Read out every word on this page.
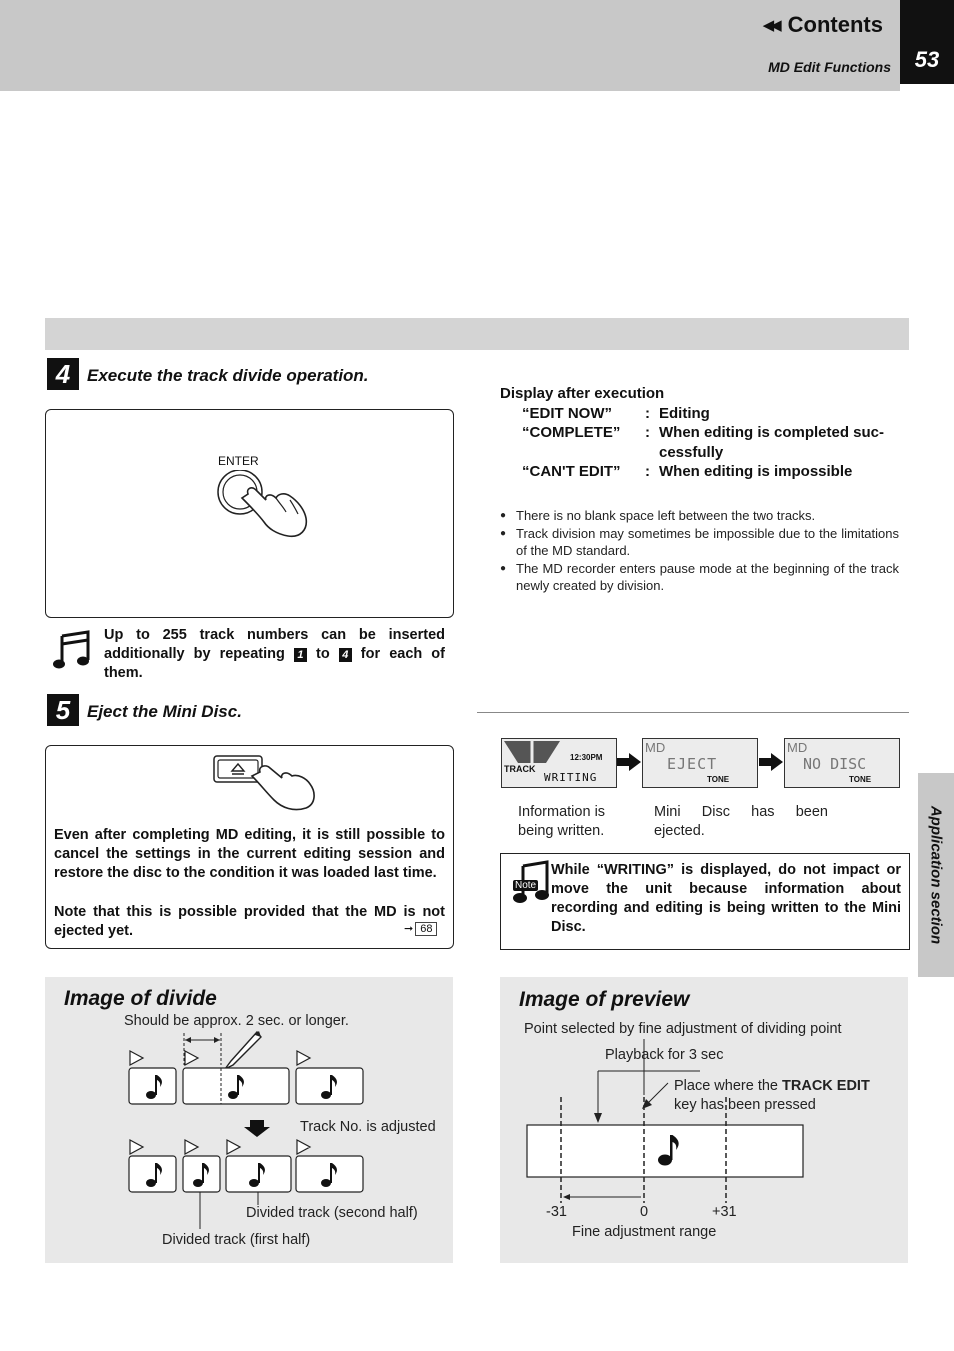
◀◀ Contents
MD Edit Functions	53
4 Execute the track divide operation.
ENTER
Up to 255 track numbers can be inserted additionally by repeating 1 to 4 for each of them.
Display after execution
“EDIT NOW”	: Editing
“COMPLETE”	: When editing is completed suc-cessfully
“CAN'T EDIT”	: When editing is impossible
● There is no blank space left between the two tracks.
● Track division may sometimes be impossible due to the limitations of the MD standard.
● The MD recorder enters pause mode at the beginning of the track newly created by division.
5 Eject the Mini Disc.
Even after completing MD editing, it is still possible to cancel the settings in the current editing session and restore the disc to the condition it was loaded last time.
Note that this is possible provided that the MD is not ejected yet.	➞ 68	Application section
TRACK
12:30PM
WRITING
MD
EJECT
TONE
MD
NO DISC
TONE
Information is being written.
Mini Disc has been ejected.
Note
While “WRITING” is displayed, do not impact or move the unit because information about recording and editing is being written to the Mini Disc.
Image of divide
Should be approx. 2 sec. or longer.
Track No. is adjusted
Divided track (second half)
Divided track (first half)
Image of preview
Point selected by fine adjustment of dividing point
Playback for 3 sec
Place where the TRACK EDIT
key has been pressed
-31	0	+31
Fine adjustment range
